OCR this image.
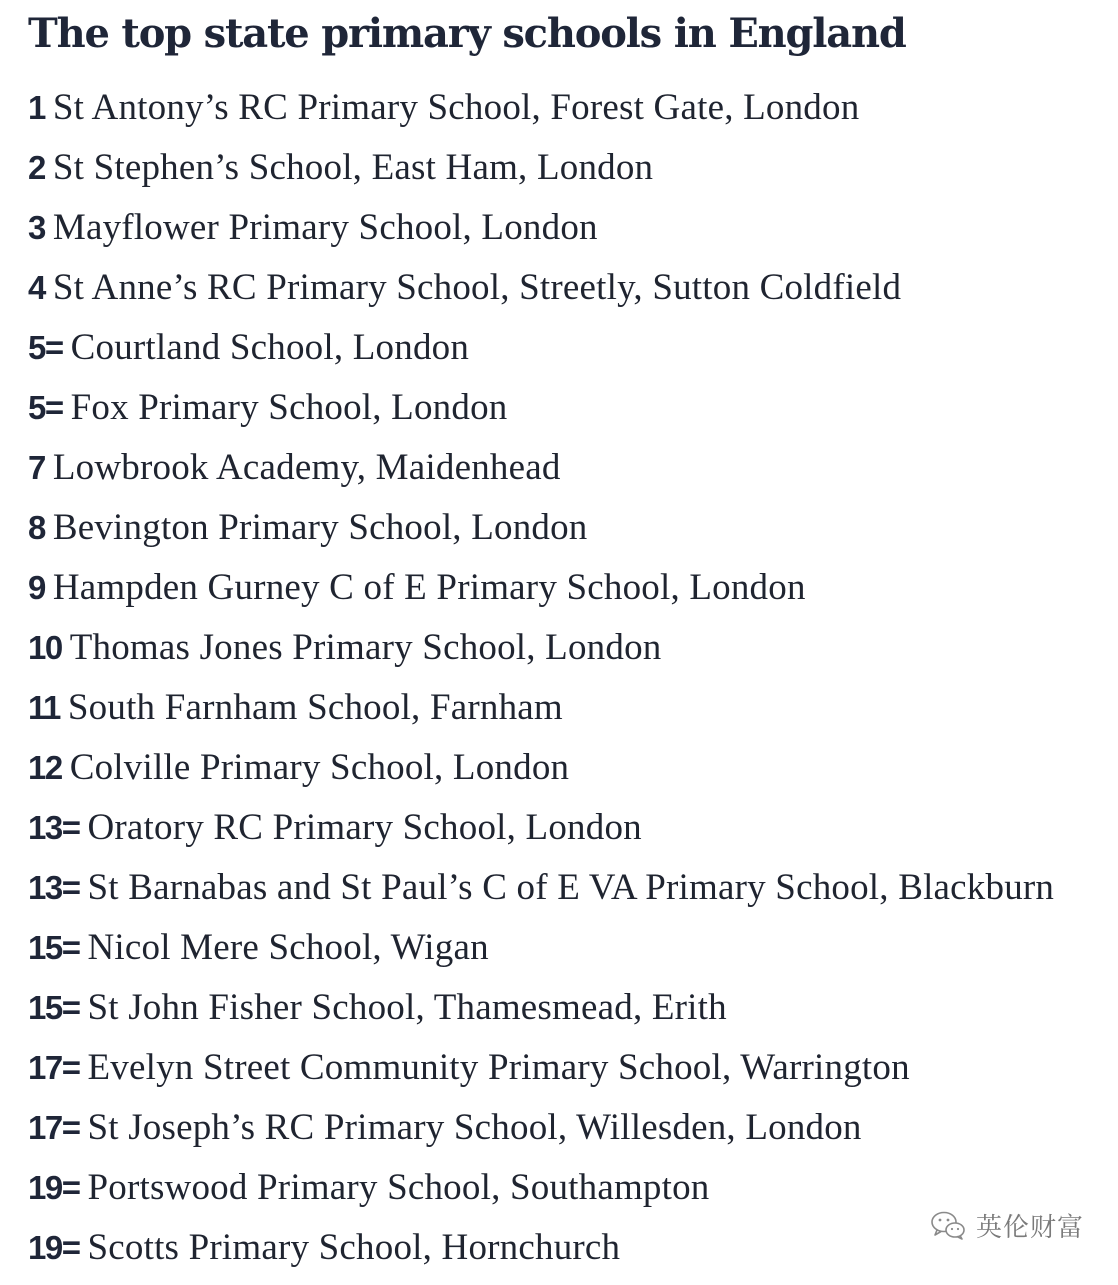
The top state primary schools in England
1 St Antony’s RC Primary School, Forest Gate, London
2 St Stephen’s School, East Ham, London
3 Mayflower Primary School, London
4 St Anne’s RC Primary School, Streetly, Sutton Coldfield
5= Courtland School, London
5= Fox Primary School, London
7 Lowbrook Academy, Maidenhead
8 Bevington Primary School, London
9 Hampden Gurney C of E Primary School, London
10 Thomas Jones Primary School, London
11 South Farnham School, Farnham
12 Colville Primary School, London
13= Oratory RC Primary School, London
13= St Barnabas and St Paul’s C of E VA Primary School, Blackburn
15= Nicol Mere School, Wigan
15= St John Fisher School, Thamesmead, Erith
17= Evelyn Street Community Primary School, Warrington
17= St Joseph’s RC Primary School, Willesden, London
19= Portswood Primary School, Southampton
19= Scotts Primary School, Hornchurch	英伦财富
